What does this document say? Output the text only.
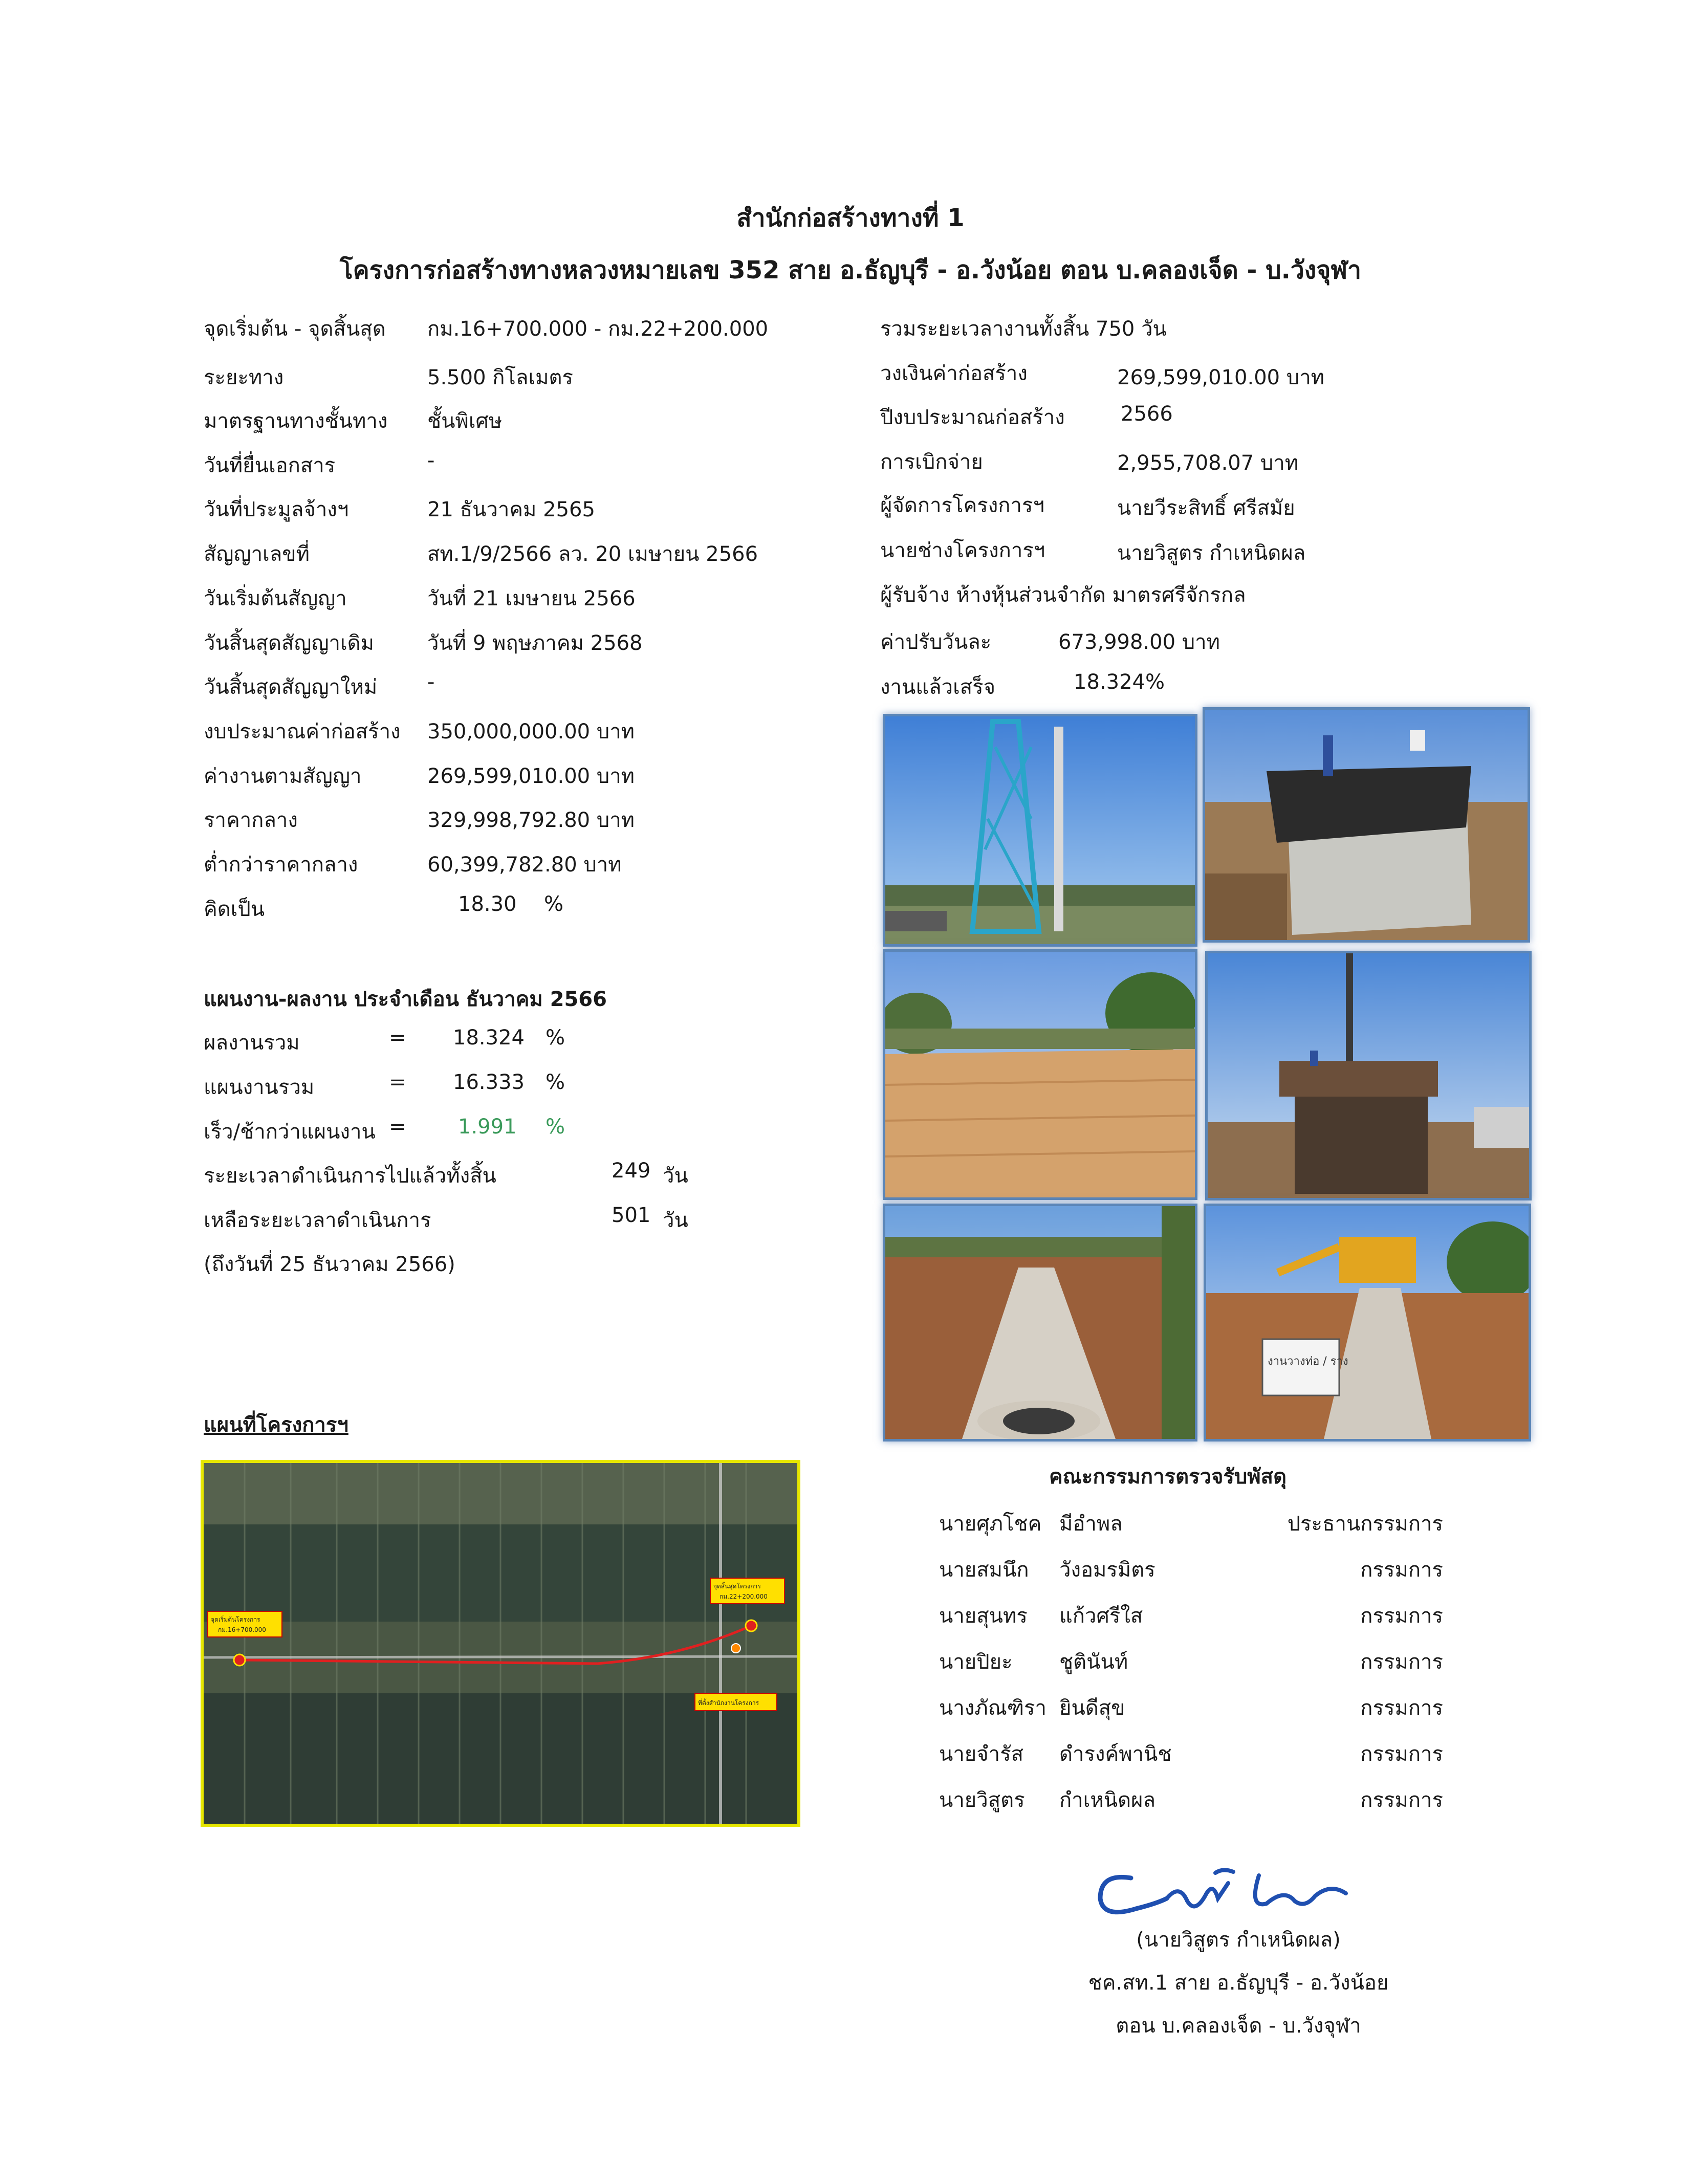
สำนักก่อสร้างทางที่ 1
โครงการก่อสร้างทางหลวงหมายเลข 352 สาย อ.ธัญบุรี - อ.วังน้อย ตอน บ.คลองเจ็ด - บ.วังจุฬา
จุดเริ่มต้น - จุดสิ้นสุด กม.16+700.000 - กม.22+200.000
ระยะทาง	5.500 กิโลเมตร
มาตรฐานทางชั้นทาง ชั้นพิเศษ
วันที่ยื่นเอกสาร	-
วันที่ประมูลจ้างฯ	21 ธันวาคม 2565
สัญญาเลขที่	สท.1/9/2566 ลว. 20 เมษายน 2566
วันเริ่มต้นสัญญา	วันที่ 21 เมษายน 2566
วันสิ้นสุดสัญญาเดิม	วันที่ 9 พฤษภาคม 2568
วันสิ้นสุดสัญญาใหม่ -
งบประมาณค่าก่อสร้าง 350,000,000.00 บาท
ค่างานตามสัญญา	269,599,010.00 บาท
ราคากลาง	329,998,792.80 บาท
ต่ำกว่าราคากลาง	60,399,782.80 บาท
คิดเป็น	18.30 %
รวมระยะเวลางานทั้งสิ้น 750 วัน
วงเงินค่าก่อสร้าง	269,599,010.00 บาท
ปีงบประมาณก่อสร้าง	2566
การเบิกจ่าย	2,955,708.07 บาท
ผู้จัดการโครงการฯ	นายวีระสิทธิ์ ศรีสมัย
นายช่างโครงการฯ	นายวิสูตร กำเหนิดผล
ผู้รับจ้าง ห้างหุ้นส่วนจำกัด มาตรศรีจักรกล
ค่าปรับวันละ	673,998.00 บาท
งานแล้วเสร็จ	18.324%
แผนงาน-ผลงาน ประจำเดือน ธันวาคม 2566
ผลงานรวม	= 18.324 %
แผนงานรวม	= 16.333 %
เร็ว/ช้ากว่าแผนงาน =	1.991 %
ระยะเวลาดำเนินการไปแล้วทั้งสิ้น	249 วัน
เหลือระยะเวลาดำเนินการ	501 วัน
(ถึงวันที่ 25 ธันวาคม 2566)
งานวางท่อ / ราง
แผนที่โครงการฯ
จุดเริ่มต้นโครงการ
กม.16+700.000
จุดสิ้นสุดโครงการ
กม.22+200.000
ที่ตั้งสำนักงานโครงการ
คณะกรรมการตรวจรับพัสดุ
นายศุภโชค มีอำพล	ประธานกรรมการ
นายสมนึก วังอมรมิตร	กรรมการ
นายสุนทร แก้วศรีใส	กรรมการ
นายปิยะ ชูตินันท์	กรรมการ
นางภัณฑิรา ยินดีสุข	กรรมการ
นายจำรัส ดำรงค์พานิช	กรรมการ
นายวิสูตร กำเหนิดผล	กรรมการ
(นายวิสูตร กำเหนิดผล)
ชค.สท.1 สาย อ.ธัญบุรี - อ.วังน้อย
ตอน บ.คลองเจ็ด - บ.วังจุฬา
